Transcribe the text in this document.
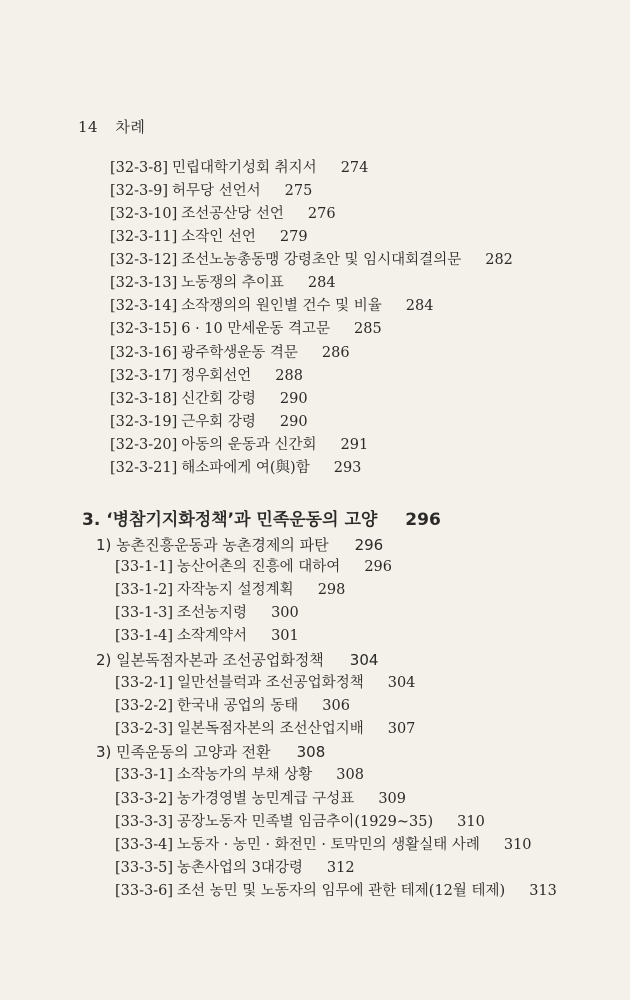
14 차례
[32-3-8] 민립대학기성회 취지서 274
[32-3-9] 허무당 선언서 275
[32-3-10] 조선공산당 선언 276
[32-3-11] 소작인 선언 279
[32-3-12] 조선노농총동맹 강령초안 및 임시대회결의문 282
[32-3-13] 노동쟁의 추이표 284
[32-3-14] 소작쟁의의 원인별 건수 및 비율 284
[32-3-15] 6 · 10 만세운동 격고문 285
[32-3-16] 광주학생운동 격문 286
[32-3-17] 정우회선언 288
[32-3-18] 신간회 강령 290
[32-3-19] 근우회 강령 290
[32-3-20] 아동의 운동과 신간회 291
[32-3-21] 해소파에게 여(與)함 293
3. ‘병참기지화정책’과 민족운동의 고양 296
1) 농촌진흥운동과 농촌경제의 파탄 296
[33-1-1] 농산어촌의 진흥에 대하여 296
[33-1-2] 자작농지 설정계획 298
[33-1-3] 조선농지령 300
[33-1-4] 소작계약서 301
2) 일본독점자본과 조선공업화정책 304
[33-2-1] 일만선블럭과 조선공업화정책 304
[33-2-2] 한국내 공업의 동태 306
[33-2-3] 일본독점자본의 조선산업지배 307
3) 민족운동의 고양과 전환 308
[33-3-1] 소작농가의 부채 상황 308
[33-3-2] 농가경영별 농민계급 구성표 309
[33-3-3] 공장노동자 민족별 임금추이(1929~35) 310
[33-3-4] 노동자 · 농민 · 화전민 · 토막민의 생활실태 사례 310
[33-3-5] 농촌사업의 3대강령 312
[33-3-6] 조선 농민 및 노동자의 임무에 관한 테제(12월 테제) 313
